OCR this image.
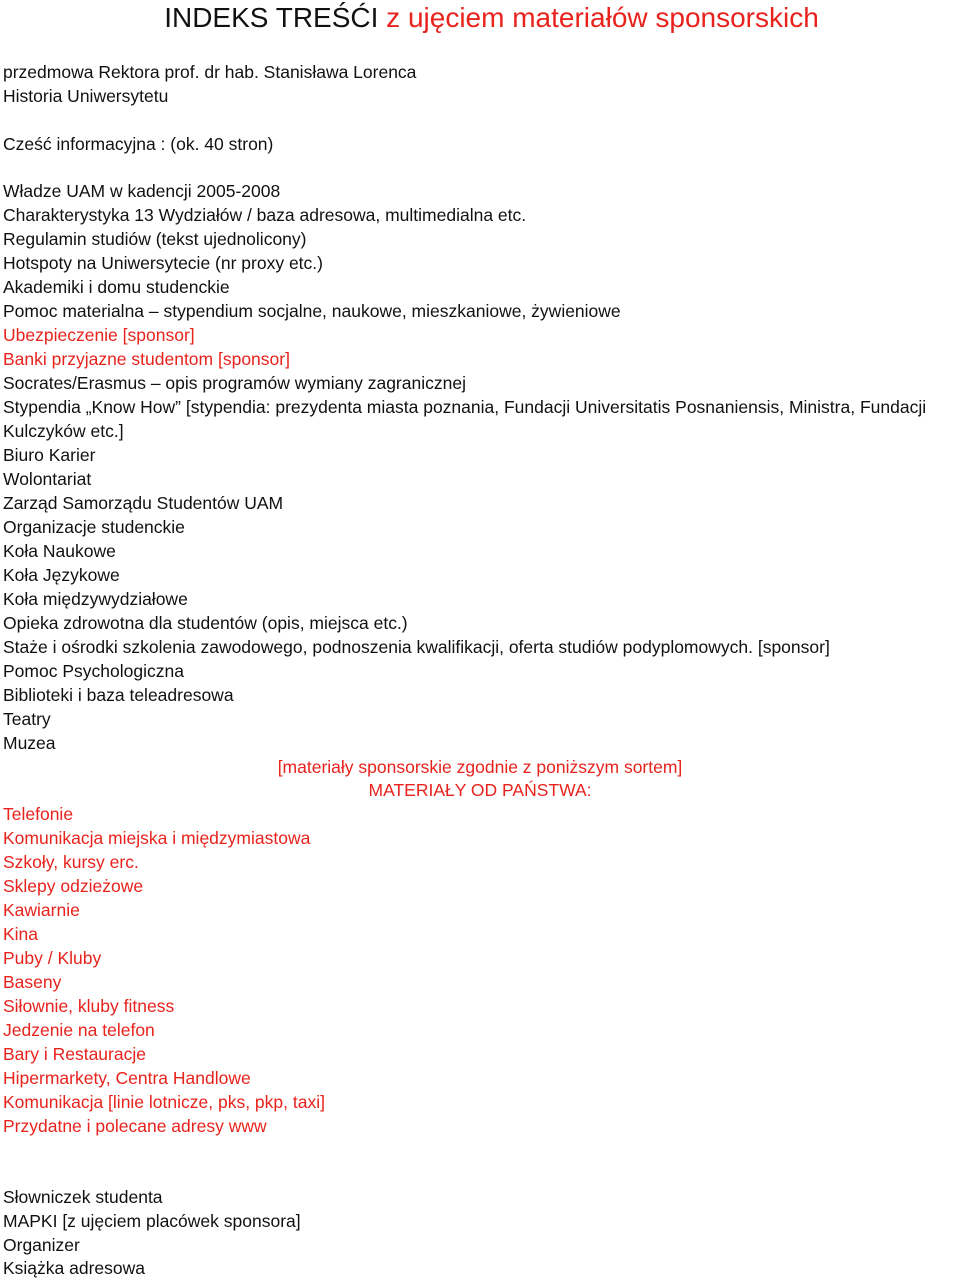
INDEKS TREŚĆI z ujęciem materiałów sponsorskich
przedmowa Rektora prof. dr hab. Stanisława Lorenca
Historia Uniwersytetu
Cześć informacyjna : (ok. 40 stron)
Władze UAM w kadencji 2005-2008
Charakterystyka 13 Wydziałów / baza adresowa, multimedialna etc.
Regulamin studiów (tekst ujednolicony)
Hotspoty na Uniwersytecie (nr proxy etc.)
Akademiki i domu studenckie
Pomoc materialna – stypendium socjalne, naukowe, mieszkaniowe, żywieniowe
Ubezpieczenie [sponsor]
Banki przyjazne studentom [sponsor]
Socrates/Erasmus – opis programów wymiany zagranicznej
Stypendia „Know How” [stypendia: prezydenta miasta poznania, Fundacji Universitatis Posnaniensis, Ministra, Fundacji
Kulczyków etc.]
Biuro Karier
Wolontariat
Zarząd Samorządu Studentów UAM
Organizacje studenckie
Koła Naukowe
Koła Językowe
Koła międzywydziałowe
Opieka zdrowotna dla studentów (opis, miejsca etc.)
Staże i ośrodki szkolenia zawodowego, podnoszenia kwalifikacji, oferta studiów podyplomowych. [sponsor]
Pomoc Psychologiczna
Biblioteki i baza teleadresowa
Teatry
Muzea
[materiały sponsorskie zgodnie z poniższym sortem]
MATERIAŁY OD PAŃSTWA:
Telefonie
Komunikacja miejska i międzymiastowa
Szkoły, kursy erc.
Sklepy odzieżowe
Kawiarnie
Kina
Puby / Kluby
Baseny
Siłownie, kluby fitness
Jedzenie na telefon
Bary i Restauracje
Hipermarkety, Centra Handlowe
Komunikacja [linie lotnicze, pks, pkp, taxi]
Przydatne i polecane adresy www
Słowniczek studenta
MAPKI [z ujęciem placówek sponsora]
Organizer
Książka adresowa
